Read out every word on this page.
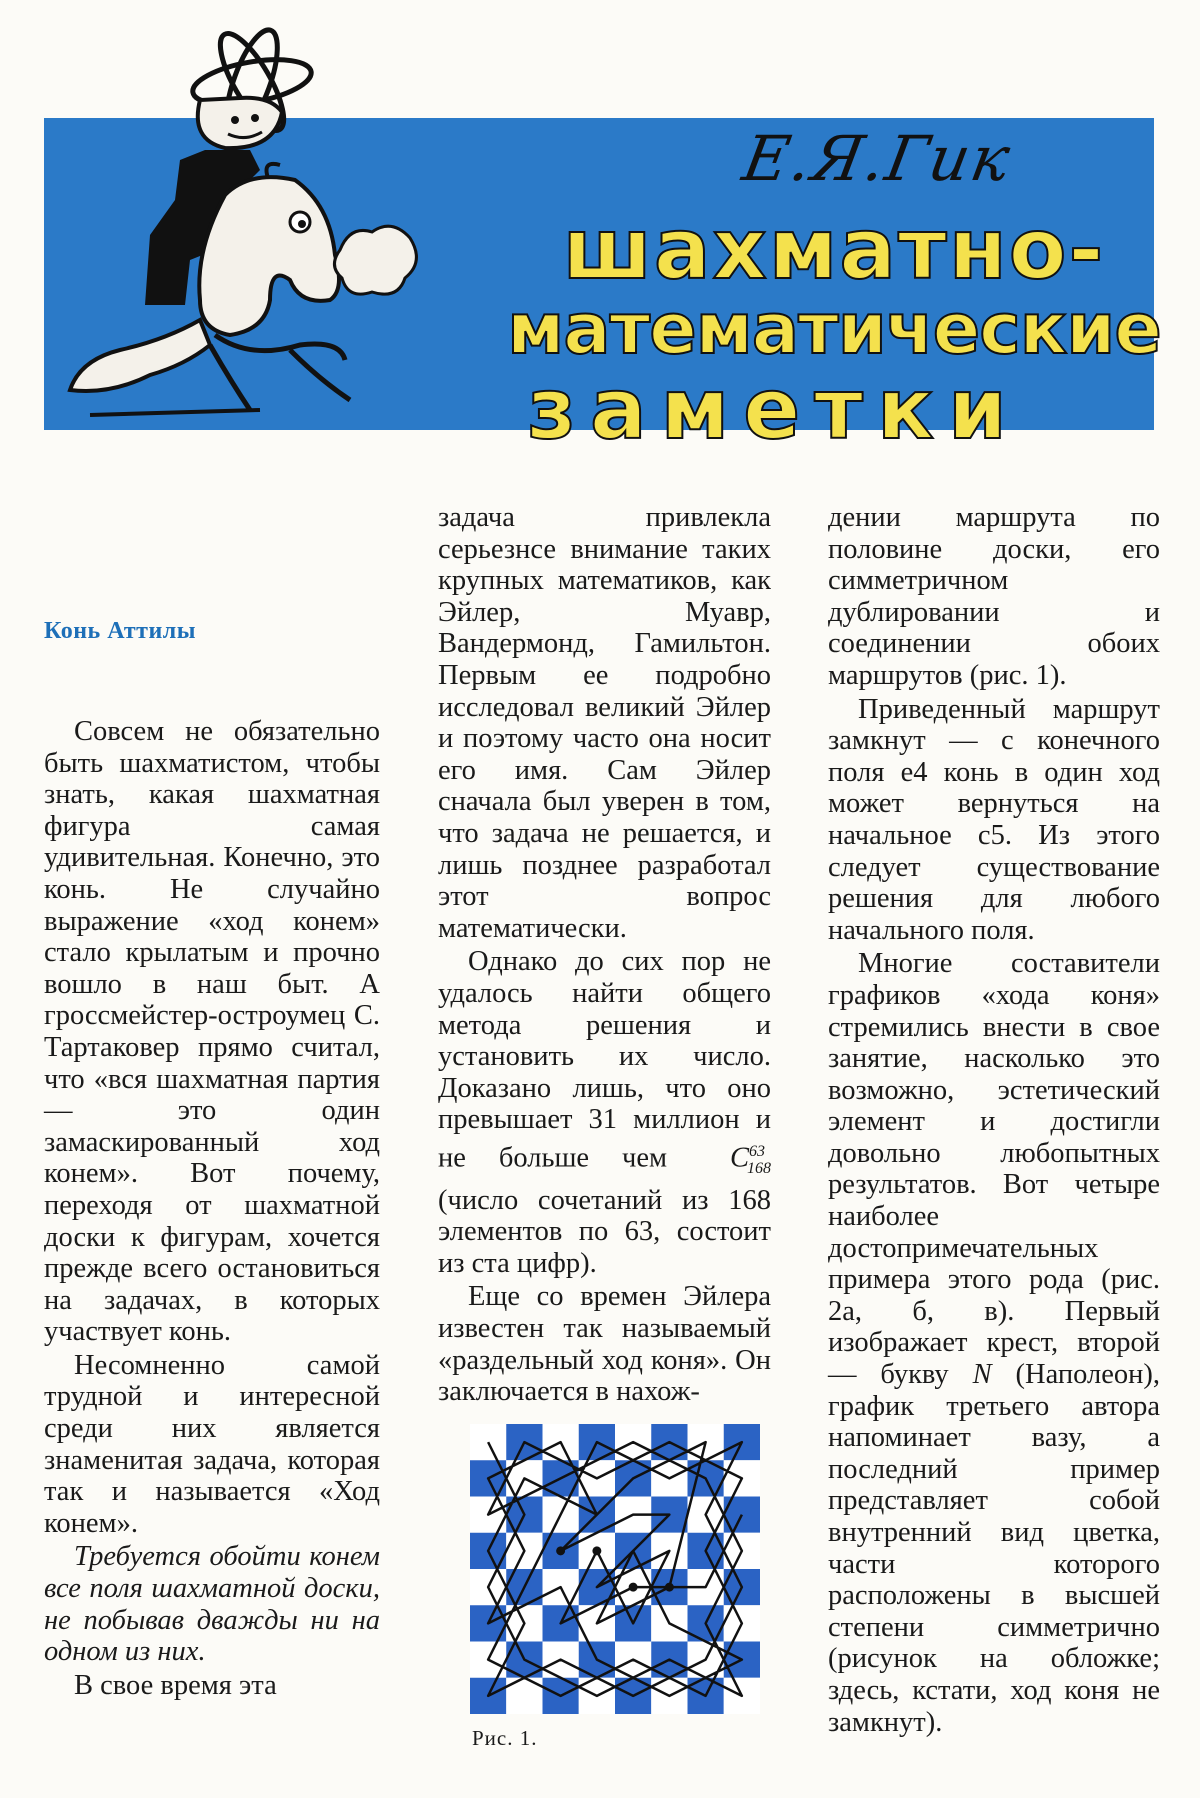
Е.Я.Гик
шахматно-
математические
заметки
Конь Аттилы

Совсем не обязательно быть шахматистом, чтобы знать, какая шахматная фигура самая удивительная. Конечно, это конь. Не случайно выражение «ход конем» стало крылатым и прочно вошло в наш быт. А гроссмейстер-остроумец С. Тартаковер прямо считал, что «вся шахматная партия — это один замаскированный ход конем». Вот почему, переходя от шахматной доски к фигурам, хочется прежде всего остановиться на задачах, в которых участвует конь.

Несомненно самой трудной и интересной среди них является знаменитая задача, которая так и называется «Ход конем».

Требуется обойти конем все поля шахматной доски, не побывав дважды ни на одном из них.

В свое время эта

задача привлекла серьезнсе внимание таких крупных математиков, как Эйлер, Муавр, Вандермонд, Гамильтон. Первым ее подробно исследовал великий Эйлер и поэтому часто она носит его имя. Сам Эйлер сначала был уверен в том, что задача не решается, и лишь позднее разработал этот вопрос математически.

Однако до сих пор не удалось найти общего метода решения и установить их число. Доказано лишь, что оно превышает 31 миллион и не больше чем $C^{63}_{168}$ (число сочетаний из 168 элементов по 63, состоит из ста цифр).

Еще со времен Эйлера известен так называемый «раздельный ход коня». Он заключается в нахож-

дении маршрута по половине доски, его симметричном дублировании и соединении обоих маршрутов (рис. 1).

Приведенный маршрут замкнут — с конечного поля е4 конь в один ход может вернуться на начальное с5. Из этого следует существование решения для любого начального поля.

Многие составители графиков «хода коня» стремились внести в свое занятие, насколько это возможно, эстетический элемент и достигли довольно любопытных результатов. Вот четыре наиболее достопримечательных примера этого рода (рис. 2а, б, в). Первый изображает крест, второй — букву N (Наполеон), график третьего автора напоминает вазу, а последний пример представляет собой внутренний вид цветка, части которого расположены в высшей степени симметрично (рисунок на обложке; здесь, кстати, ход коня не замкнут).

Рис. 1.
